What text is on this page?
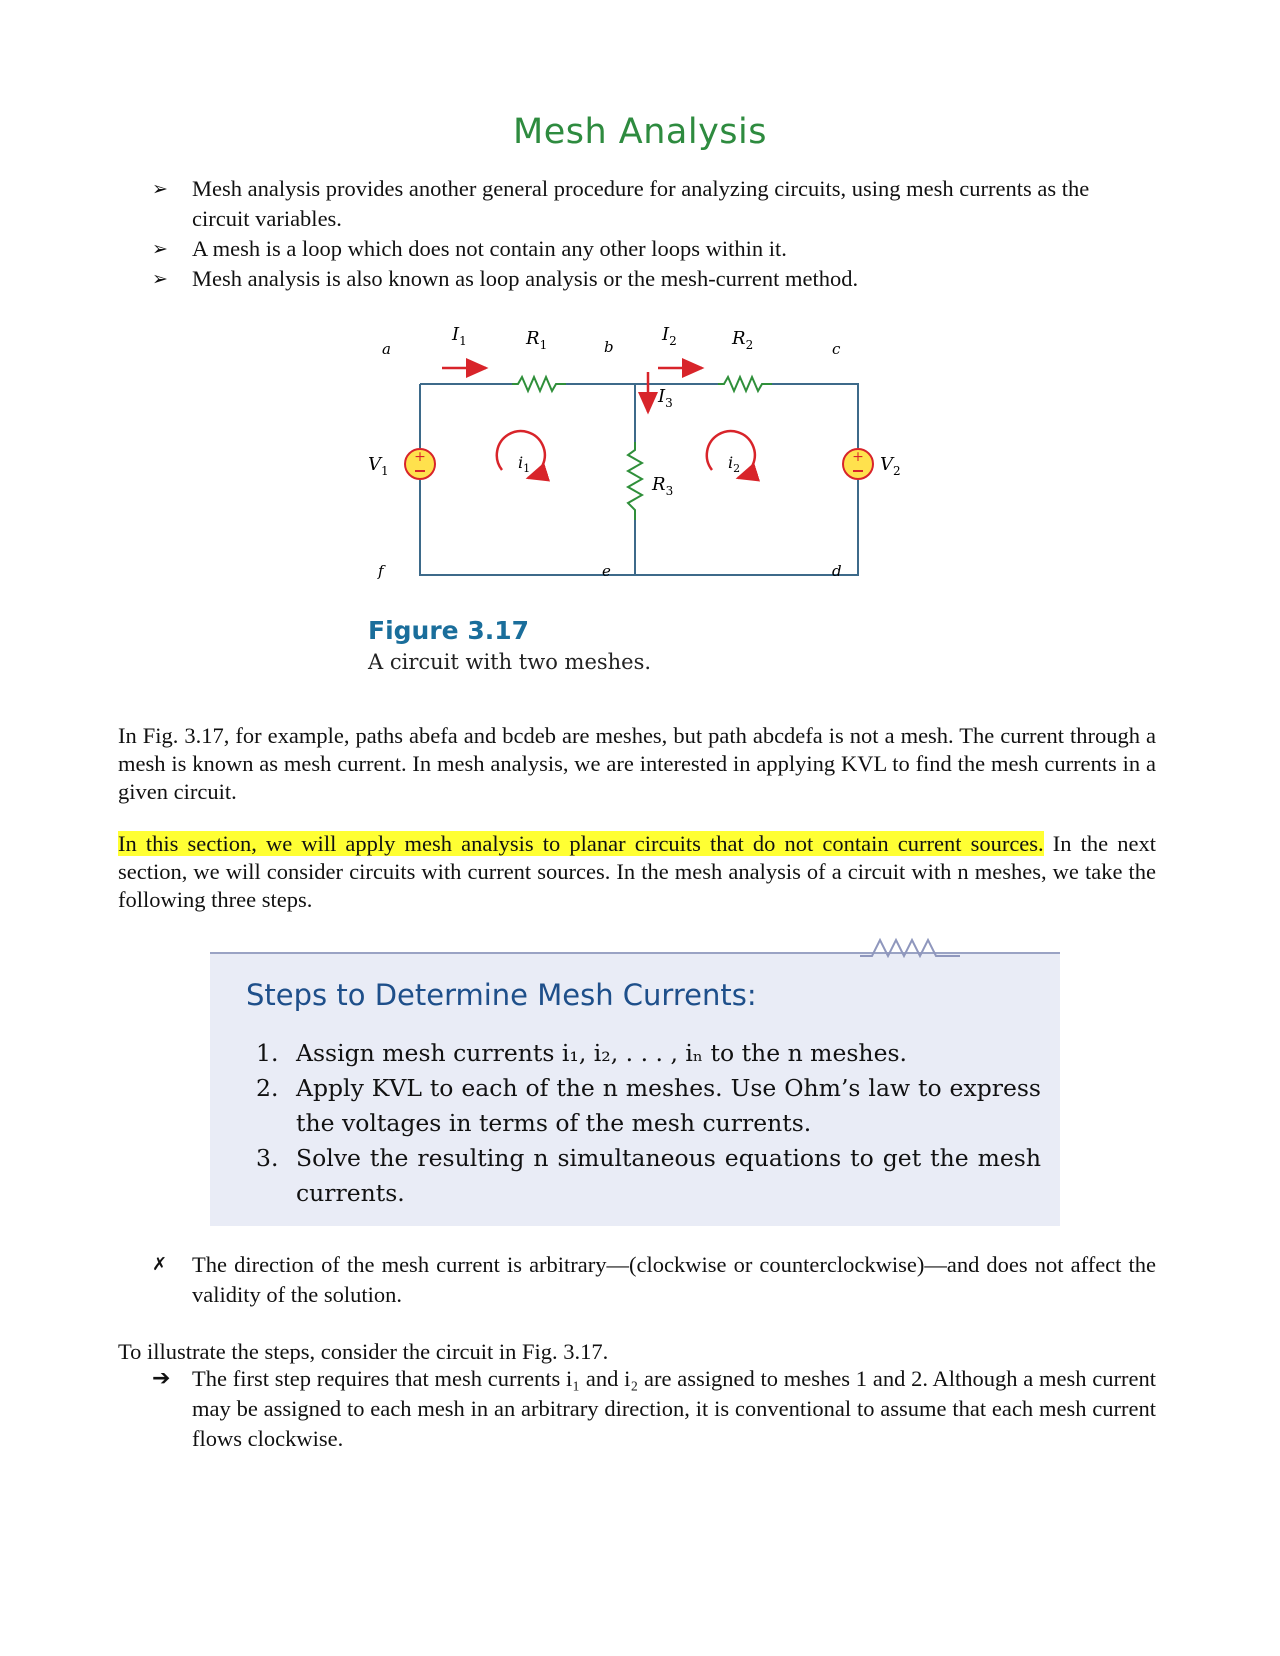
Mesh Analysis
➢ Mesh analysis provides another general procedure for analyzing circuits, using mesh currents as the circuit variables.
➢ A mesh is a loop which does not contain any other loops within it.
➢ Mesh analysis is also known as loop analysis or the mesh-current method.
+	+
a	b	c
f	e	d
$I_1$	$I_2$
$I_3$
$R_1$	$R_2$
$R_3$
$V_1$	$V_2$
$i_1$	$i_2$
Figure 3.17
A circuit with two meshes.

In Fig. 3.17, for example, paths abefa and bcdeb are meshes, but path abcdefa is not a mesh. The current through a mesh is known as mesh current. In mesh analysis, we are interested in applying KVL to find the mesh currents in a given circuit.

In this section, we will apply mesh analysis to planar circuits that do not contain current sources. In the next section, we will consider circuits with current sources. In the mesh analysis of a circuit with n meshes, we take the following three steps.

Steps to Determine Mesh Currents:
1. Assign mesh currents i₁, i₂, . . . , iₙ to the n meshes.
2. Apply KVL to each of the n meshes. Use Ohm’s law to express the voltages in terms of the mesh currents.
3. Solve the resulting n simultaneous equations to get the mesh currents.
✗	The direction of the mesh current is arbitrary—(clockwise or counterclockwise)—and does not affect the validity of the solution.
To illustrate the steps, consider the circuit in Fig. 3.17.
➔ The first step requires that mesh currents i₁ and i₂ are assigned to meshes 1 and 2. Although a mesh current may be assigned to each mesh in an arbitrary direction, it is conventional to assume that each mesh current flows clockwise.
